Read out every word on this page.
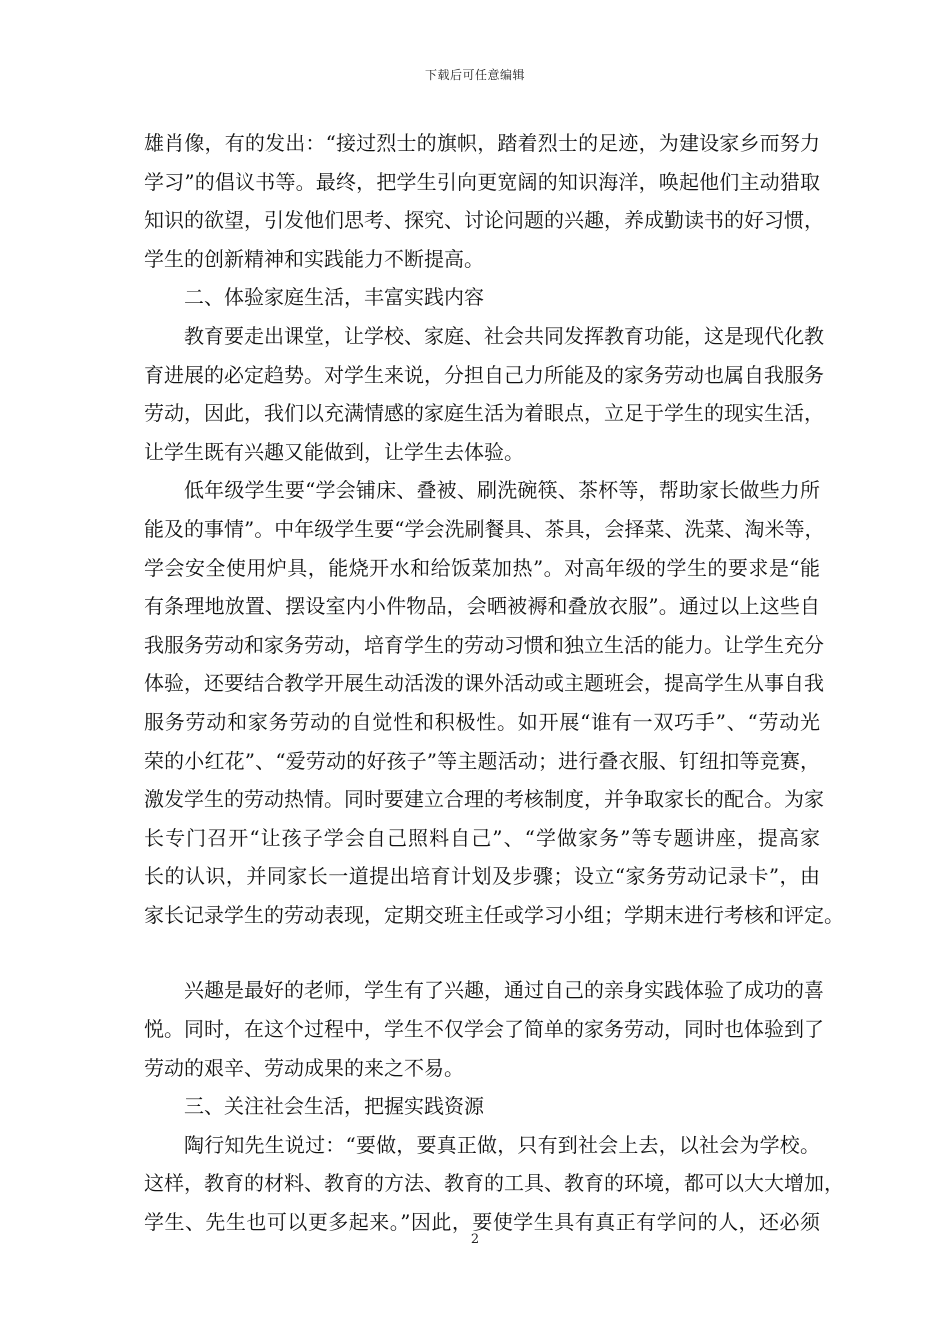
下载后可任意编辑
雄肖像，有的发出：“接过烈士的旗帜，踏着烈士的足迹，为建设家乡而努力
学习”的倡议书等。最终，把学生引向更宽阔的知识海洋，唤起他们主动猎取
知识的欲望，引发他们思考、探究、讨论问题的兴趣，养成勤读书的好习惯，
学生的创新精神和实践能力不断提高。
二、体验家庭生活，丰富实践内容
教育要走出课堂，让学校、家庭、社会共同发挥教育功能，这是现代化教
育进展的必定趋势。对学生来说，分担自己力所能及的家务劳动也属自我服务
劳动，因此，我们以充满情感的家庭生活为着眼点，立足于学生的现实生活，
让学生既有兴趣又能做到，让学生去体验。
低年级学生要“学会铺床、叠被、刷洗碗筷、茶杯等，帮助家长做些力所
能及的事情”。中年级学生要“学会洗刷餐具、茶具，会择菜、洗菜、淘米等，
学会安全使用炉具，能烧开水和给饭菜加热”。对高年级的学生的要求是“能
有条理地放置、摆设室内小件物品，会晒被褥和叠放衣服”。通过以上这些自
我服务劳动和家务劳动，培育学生的劳动习惯和独立生活的能力。让学生充分
体验，还要结合教学开展生动活泼的课外活动或主题班会，提高学生从事自我
服务劳动和家务劳动的自觉性和积极性。如开展“谁有一双巧手”、“劳动光
荣的小红花”、“爱劳动的好孩子”等主题活动；进行叠衣服、钉纽扣等竞赛，
激发学生的劳动热情。同时要建立合理的考核制度，并争取家长的配合。为家
长专门召开“让孩子学会自己照料自己”、“学做家务”等专题讲座，提高家
长的认识，并同家长一道提出培育计划及步骤；设立“家务劳动记录卡”，由
家长记录学生的劳动表现，定期交班主任或学习小组；学期末进行考核和评定。
兴趣是最好的老师，学生有了兴趣，通过自己的亲身实践体验了成功的喜
悦。同时，在这个过程中，学生不仅学会了简单的家务劳动，同时也体验到了
劳动的艰辛、劳动成果的来之不易。
三、关注社会生活，把握实践资源
陶行知先生说过：“要做，要真正做，只有到社会上去，以社会为学校。
这样，教育的材料、教育的方法、教育的工具、教育的环境，都可以大大增加，
学生、先生也可以更多起来。”因此，要使学生具有真正有学问的人，还必须
2
